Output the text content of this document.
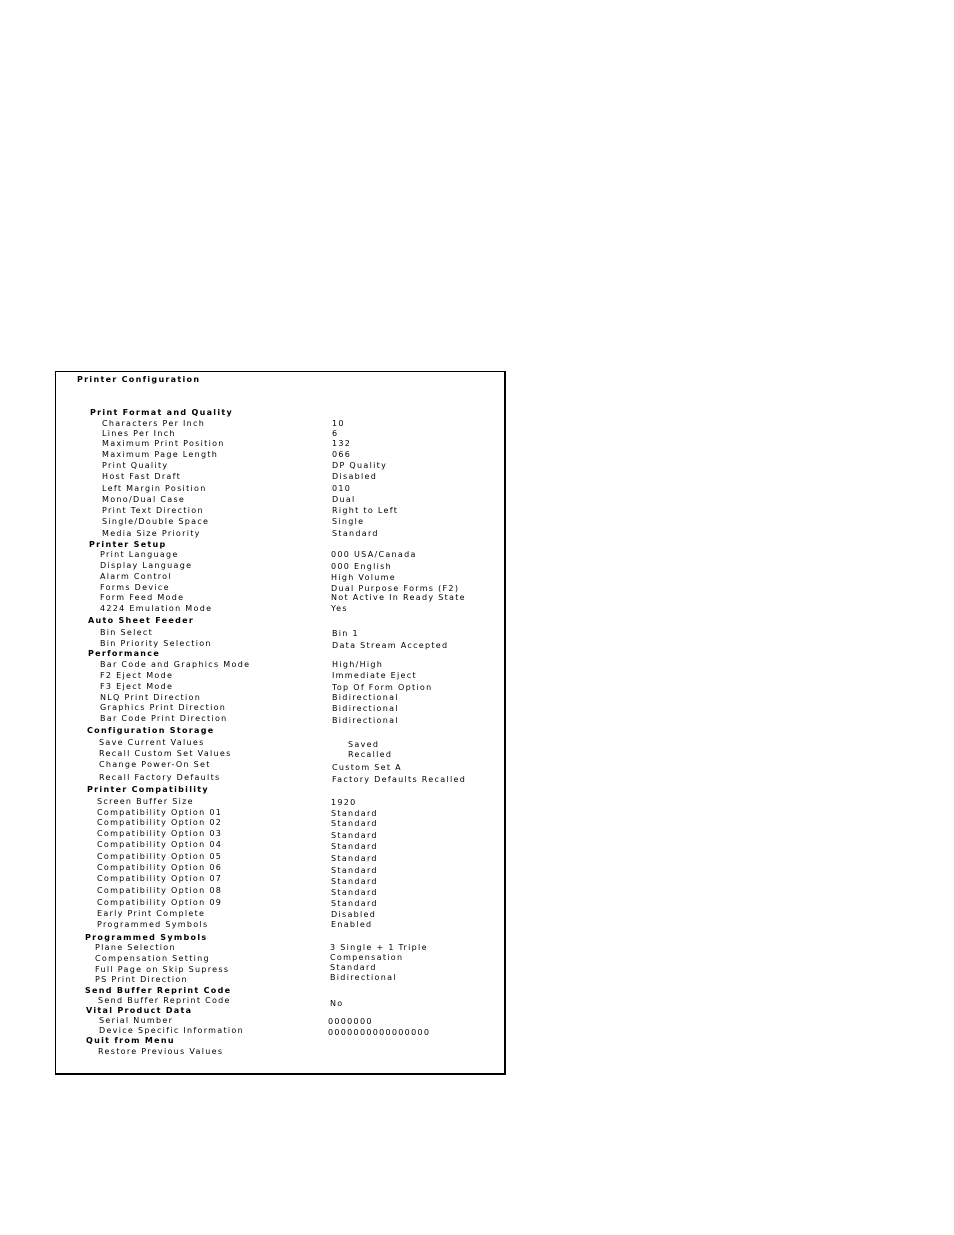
Printer Configuration
Print Format and Quality
Characters Per Inch	10
Lines Per Inch	6
Maximum Print Position	132
Maximum Page Length	066
Print Quality	DP Quality
Host Fast Draft	Disabled
Left Margin Position	010
Mono/Dual Case	Dual
Print Text Direction	Right to Left
Single/Double Space	Single
Media Size Priority	Standard
Printer Setup
Print Language	000 USA/Canada
Display Language	000 English
Alarm Control	High Volume
Forms Device	Dual Purpose Forms (F2)
Form Feed Mode	Not Active In Ready State
4224 Emulation Mode	Yes
Auto Sheet Feeder
Bin Select	Bin 1
Bin Priority Selection	Data Stream Accepted
Performance
Bar Code and Graphics Mode	High/High
F2 Eject Mode	Immediate Eject
F3 Eject Mode	Top Of Form Option
NLQ Print Direction	Bidirectional
Graphics Print Direction	Bidirectional
Bar Code Print Direction	Bidirectional
Configuration Storage
Save Current Values	Saved
Recall Custom Set Values	Recalled
Change Power-On Set	Custom Set A
Recall Factory Defaults	Factory Defaults Recalled
Printer Compatibility
Screen Buffer Size	1920
Compatibility Option 01	Standard
Compatibility Option 02	Standard
Compatibility Option 03	Standard
Compatibility Option 04	Standard
Compatibility Option 05	Standard
Compatibility Option 06	Standard
Compatibility Option 07	Standard
Compatibility Option 08	Standard
Compatibility Option 09	Standard
Early Print Complete	Disabled
Programmed Symbols	Enabled
Programmed Symbols
Plane Selection	3 Single + 1 Triple
Compensation Setting	Compensation
Full Page on Skip Supress	Standard
PS Print Direction	Bidirectional
Send Buffer Reprint Code
Send Buffer Reprint Code	No
Vital Product Data
Serial Number	0000000
Device Specific Information	0000000000000000
Quit from Menu
Restore Previous Values
